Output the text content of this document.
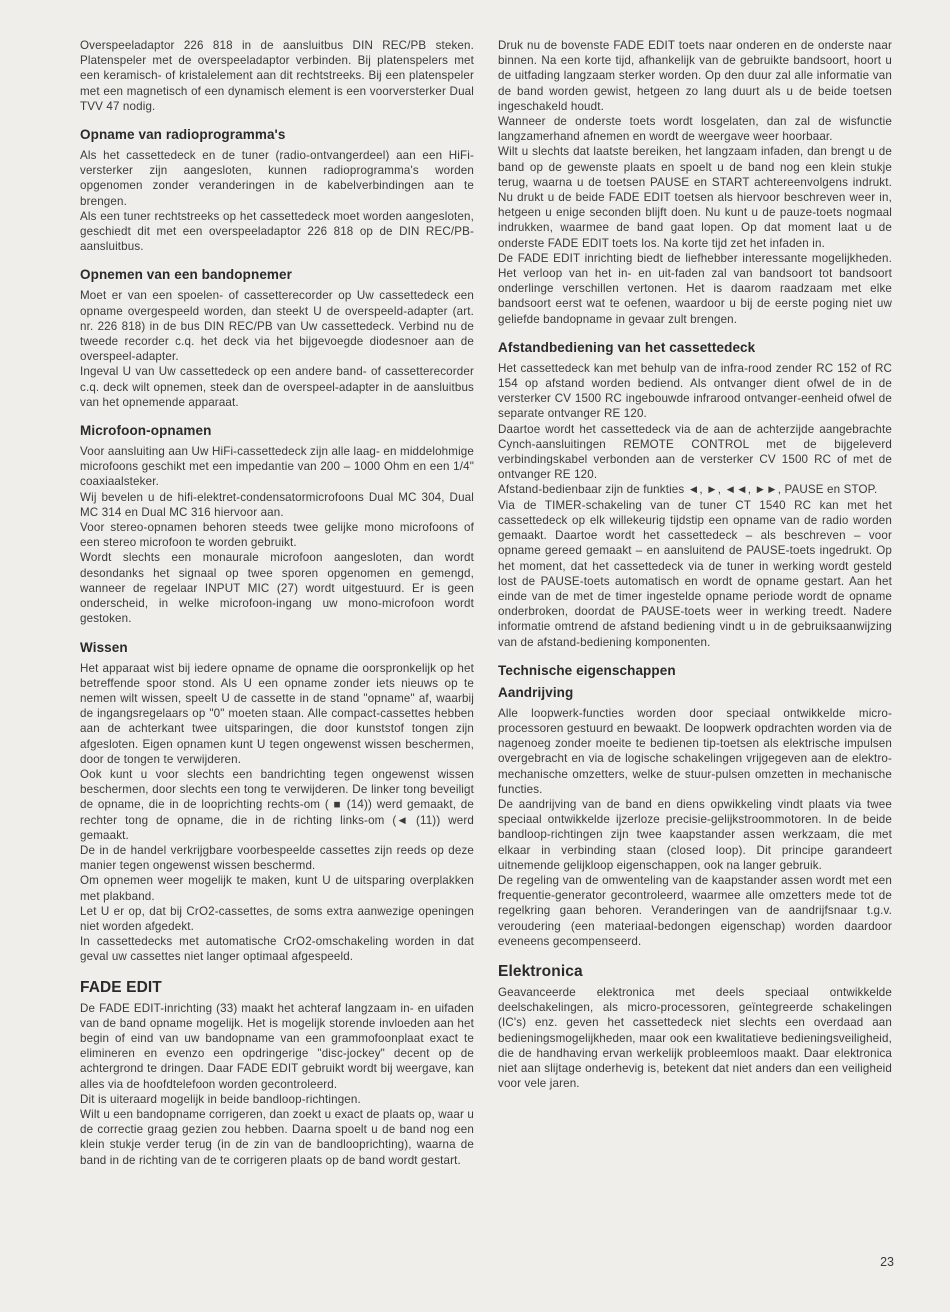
Overspeeladaptor 226 818 in de aansluitbus DIN REC/PB steken. Platenspeler met de overspeeladaptor verbinden. Bij platenspelers met een keramisch- of kristalelement aan dit rechtstreeks. Bij een platenspeler met een magnetisch of een dynamisch element is een voorversterker Dual TVV 47 nodig.

Opname van radioprogramma's

Als het cassettedeck en de tuner (radio-ontvangerdeel) aan een HiFi-versterker zijn aangesloten, kunnen radioprogramma's worden opgenomen zonder veranderingen in de kabelverbindingen aan te brengen.

Als een tuner rechtstreeks op het cassettedeck moet worden aangesloten, geschiedt dit met een overspeeladaptor 226 818 op de DIN REC/PB-aansluitbus.

Opnemen van een bandopnemer

Moet er van een spoelen- of cassetterecorder op Uw cassettedeck een opname overgespeeld worden, dan steekt U de overspeeld-adapter (art. nr. 226 818) in de bus DIN REC/PB van Uw cassettedeck. Verbind nu de tweede recorder c.q. het deck via het bijgevoegde diodesnoer aan de overspeel-adapter.

Ingeval U van Uw cassettedeck op een andere band- of cassetterecorder c.q. deck wilt opnemen, steek dan de overspeel-adapter in de aansluitbus van het opnemende apparaat.

Microfoon-opnamen

Voor aansluiting aan Uw HiFi-cassettedeck zijn alle laag- en middelohmige microfoons geschikt met een impedantie van 200 – 1000 Ohm en een 1/4" coaxiaalsteker.

Wij bevelen u de hifi-elektret-condensatormicrofoons Dual MC 304, Dual MC 314 en Dual MC 316 hiervoor aan.

Voor stereo-opnamen behoren steeds twee gelijke mono microfoons of een stereo microfoon te worden gebruikt.

Wordt slechts een monaurale microfoon aangesloten, dan wordt desondanks het signaal op twee sporen opgenomen en gemengd, wanneer de regelaar INPUT MIC (27) wordt uitgestuurd. Er is geen onderscheid, in welke microfoon-ingang uw mono-microfoon wordt gestoken.

Wissen

Het apparaat wist bij iedere opname de opname die oorspronkelijk op het betreffende spoor stond. Als U een opname zonder iets nieuws op te nemen wilt wissen, speelt U de cassette in de stand "opname" af, waarbij de ingangsregelaars op "0" moeten staan. Alle compact-cassettes hebben aan de achterkant twee uitsparingen, die door kunststof tongen zijn afgesloten. Eigen opnamen kunt U tegen ongewenst wissen beschermen, door de tongen te verwijderen.

Ook kunt u voor slechts een bandrichting tegen ongewenst wissen beschermen, door slechts een tong te verwijderen. De linker tong beveiligt de opname, die in de looprichting rechts-om ( ■ (14)) werd gemaakt, de rechter tong de opname, die in de richting links-om (◄ (11)) werd gemaakt.

De in de handel verkrijgbare voorbespeelde cassettes zijn reeds op deze manier tegen ongewenst wissen beschermd.

Om opnemen weer mogelijk te maken, kunt U de uitsparing overplakken met plakband.

Let U er op, dat bij CrO2-cassettes, de soms extra aanwezige openingen niet worden afgedekt.

In cassettedecks met automatische CrO2-omschakeling worden in dat geval uw cassettes niet langer optimaal afgespeeld.

FADE EDIT

De FADE EDIT-inrichting (33) maakt het achteraf langzaam in- en uifaden van de band opname mogelijk. Het is mogelijk storende invloeden aan het begin of eind van uw bandopname van een grammofoonplaat exact te elimineren en evenzo een opdringerige "disc-jockey" decent op de achtergrond te dringen. Daar FADE EDIT gebruikt wordt bij weergave, kan alles via de hoofdtelefoon worden gecontroleerd.

Dit is uiteraard mogelijk in beide bandloop-richtingen.

Wilt u een bandopname corrigeren, dan zoekt u exact de plaats op, waar u de correctie graag gezien zou hebben. Daarna spoelt u de band nog een klein stukje verder terug (in de zin van de bandlooprichting), waarna de band in de richting van de te corrigeren plaats op de band wordt gestart.

Druk nu de bovenste FADE EDIT toets naar onderen en de onderste naar binnen. Na een korte tijd, afhankelijk van de gebruikte bandsoort, hoort u de uitfading langzaam sterker worden. Op den duur zal alle informatie van de band worden gewist, hetgeen zo lang duurt als u de beide toetsen ingeschakeld houdt.

Wanneer de onderste toets wordt losgelaten, dan zal de wisfunctie langzamerhand afnemen en wordt de weergave weer hoorbaar.

Wilt u slechts dat laatste bereiken, het langzaam infaden, dan brengt u de band op de gewenste plaats en spoelt u de band nog een klein stukje terug, waarna u de toetsen PAUSE en START achtereenvolgens indrukt. Nu drukt u de beide FADE EDIT toetsen als hiervoor beschreven weer in, hetgeen u enige seconden blijft doen. Nu kunt u de pauze-toets nogmaal indrukken, waarmee de band gaat lopen. Op dat moment laat u de onderste FADE EDIT toets los. Na korte tijd zet het infaden in.

De FADE EDIT inrichting biedt de liefhebber interessante mogelijkheden. Het verloop van het in- en uit-faden zal van bandsoort tot bandsoort onderlinge verschillen vertonen. Het is daarom raadzaam met elke bandsoort eerst wat te oefenen, waardoor u bij de eerste poging niet uw geliefde bandopname in gevaar zult brengen.

Afstandbediening van het cassettedeck

Het cassettedeck kan met behulp van de infra-rood zender RC 152 of RC 154 op afstand worden bediend. Als ontvanger dient ofwel de in de versterker CV 1500 RC ingebouwde infrarood ontvanger-eenheid ofwel de separate ontvanger RE 120.

Daartoe wordt het cassettedeck via de aan de achterzijde aangebrachte Cynch-aansluitingen REMOTE CONTROL met de bijgeleverd verbindingskabel verbonden aan de versterker CV 1500 RC of met de ontvanger RE 120.

Afstand-bedienbaar zijn de funkties ◄, ►, ◄◄, ►►, PAUSE en STOP.

Via de TIMER-schakeling van de tuner CT 1540 RC kan met het cassettedeck op elk willekeurig tijdstip een opname van de radio worden gemaakt. Daartoe wordt het cassettedeck – als beschreven – voor opname gereed gemaakt – en aansluitend de PAUSE-toets ingedrukt. Op het moment, dat het cassettedeck via de tuner in werking wordt gesteld lost de PAUSE-toets automatisch en wordt de opname gestart. Aan het einde van de met de timer ingestelde opname periode wordt de opname onderbroken, doordat de PAUSE-toets weer in werking treedt. Nadere informatie omtrend de afstand bediening vindt u in de gebruiksaanwijzing van de afstand-bediening komponenten.

Technische eigenschappen
Aandrijving

Alle loopwerk-functies worden door speciaal ontwikkelde micro-processoren gestuurd en bewaakt. De loopwerk opdrachten worden via de nagenoeg zonder moeite te bedienen tip-toetsen als elektrische impulsen overgebracht en via de logische schakelingen vrijgegeven aan de elektro-mechanische omzetters, welke de stuur-pulsen omzetten in mechanische functies.

De aandrijving van de band en diens opwikkeling vindt plaats via twee speciaal ontwikkelde ijzerloze precisie-gelijkstroommotoren. In de beide bandloop-richtingen zijn twee kaapstander assen werkzaam, die met elkaar in verbinding staan (closed loop). Dit principe garandeert uitnemende gelijkloop eigenschappen, ook na langer gebruik.

De regeling van de omwenteling van de kaapstander assen wordt met een frequentie-generator gecontroleerd, waarmee alle omzetters mede tot de regelkring gaan behoren. Veranderingen van de aandrijfsnaar t.g.v. veroudering (een materiaal-bedongen eigenschap) worden daardoor eveneens gecompenseerd.

Elektronica

Geavanceerde elektronica met deels speciaal ontwikkelde deelschakelingen, als micro-processoren, geïntegreerde schakelingen (IC's) enz. geven het cassettedeck niet slechts een overdaad aan bedieningsmogelijkheden, maar ook een kwalitatieve bedieningsveiligheid, die de handhaving ervan werkelijk probleemloos maakt. Daar elektronica niet aan slijtage onderhevig is, betekent dat niet anders dan een veiligheid voor vele jaren.

23
